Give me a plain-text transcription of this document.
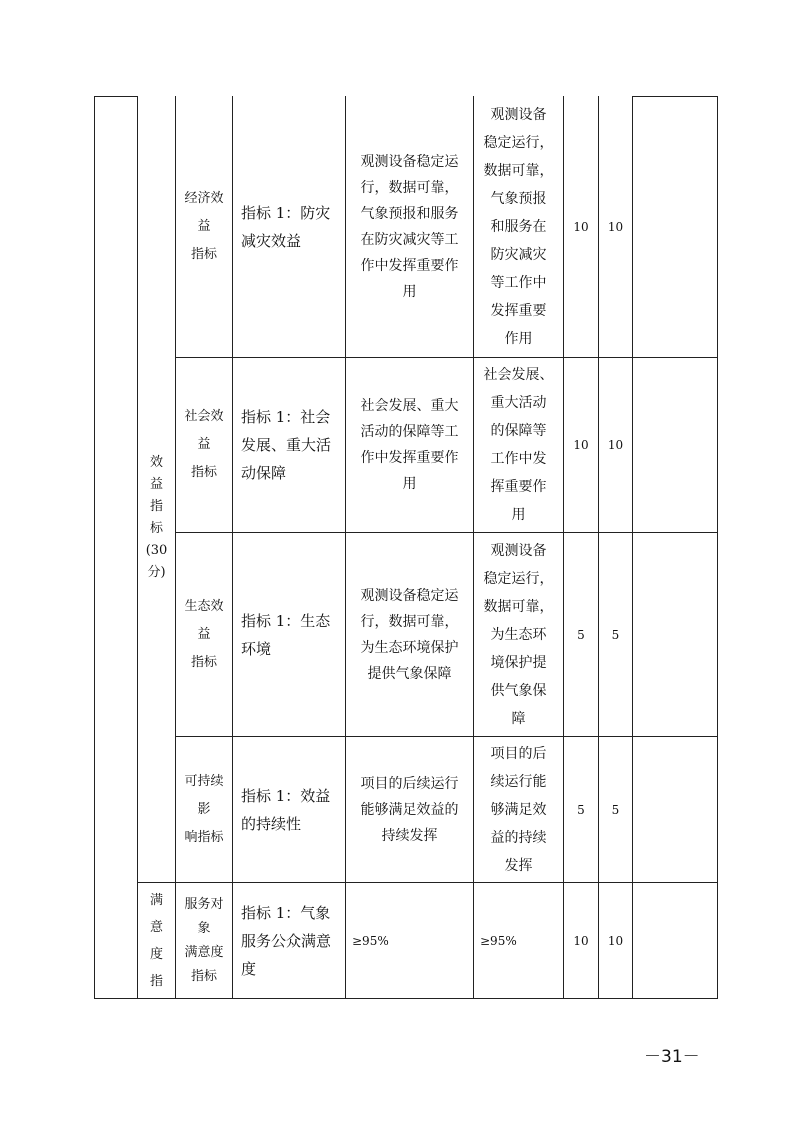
效
益
指
标
(30
分)
满
意
度
指
经济效
益
指标
指标 1：防灾
减灾效益
观测设备稳定运
行，数据可靠，
气象预报和服务
在防灾减灾等工
作中发挥重要作
用
观测设备
稳定运行，
数据可靠，
气象预报
和服务在
防灾减灾
等工作中
发挥重要
作用
10 10
社会效
益
指标
指标 1：社会
发展、重大活
动保障
社会发展、重大
活动的保障等工
作中发挥重要作
用
社会发展、
重大活动
的保障等
工作中发
挥重要作
用
10 10
生态效
益
指标
指标 1：生态
环境
观测设备稳定运
行，数据可靠，
为生态环境保护
提供气象保障
观测设备
稳定运行，
数据可靠，
为生态环
境保护提
供气象保
障
5 5
可持续
影
响指标
指标 1：效益
的持续性
项目的后续运行
能够满足效益的
持续发挥
项目的后
续运行能
够满足效
益的持续
发挥
5 5
服务对
象
满意度
指标
指标 1：气象
服务公众满意
度
≥95%	≥95%	10 10
－31－
